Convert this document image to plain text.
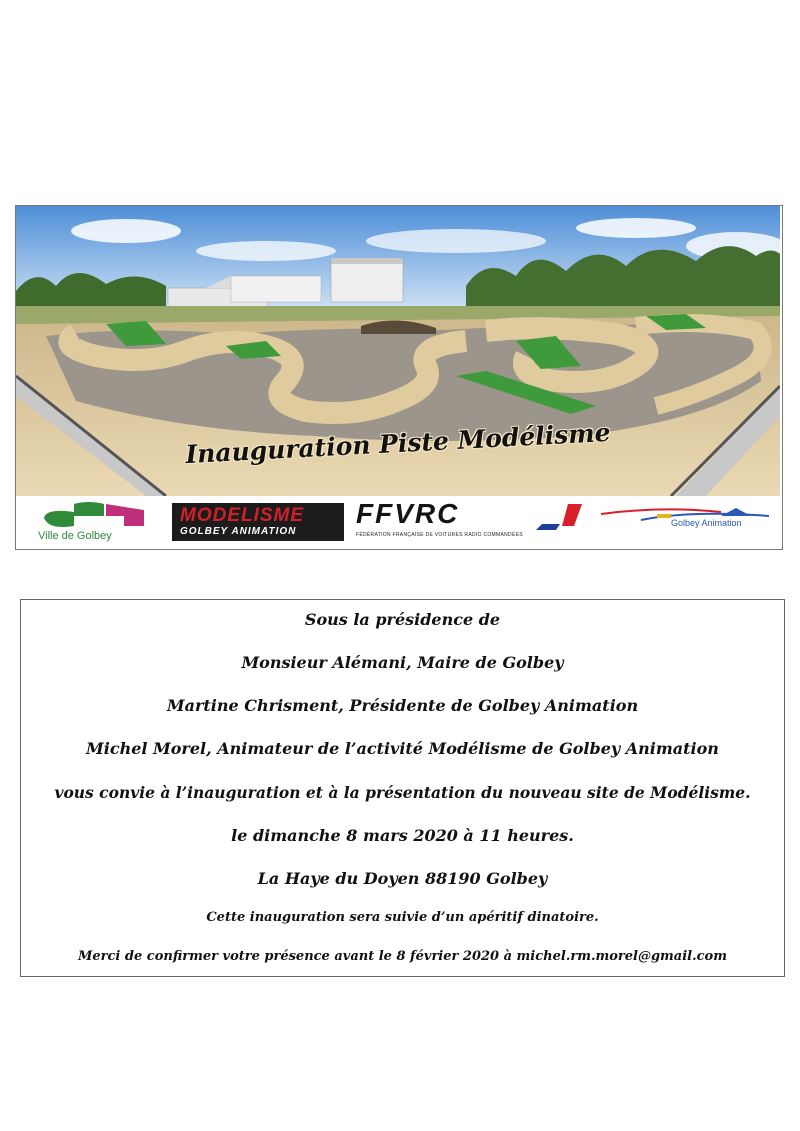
Inauguration Piste Modélisme
Ville de Golbey
MODELISME
GOLBEY ANIMATION
FFVRC
FÉDÉRATION FRANÇAISE DE VOITURES RADIO COMMANDÉES
Golbey Animation
Sous la présidence de
Monsieur Alémani, Maire de Golbey
Martine Chrisment, Présidente de Golbey Animation
Michel Morel, Animateur de l’activité Modélisme de Golbey Animation
vous convie à l’inauguration et à la présentation du nouveau site de Modélisme.
le dimanche 8 mars 2020 à 11 heures.
La Haye du Doyen 88190 Golbey
Cette inauguration sera suivie d’un apéritif dinatoire.
Merci de confirmer votre présence avant le 8 février 2020 à michel.rm.morel@gmail.com
